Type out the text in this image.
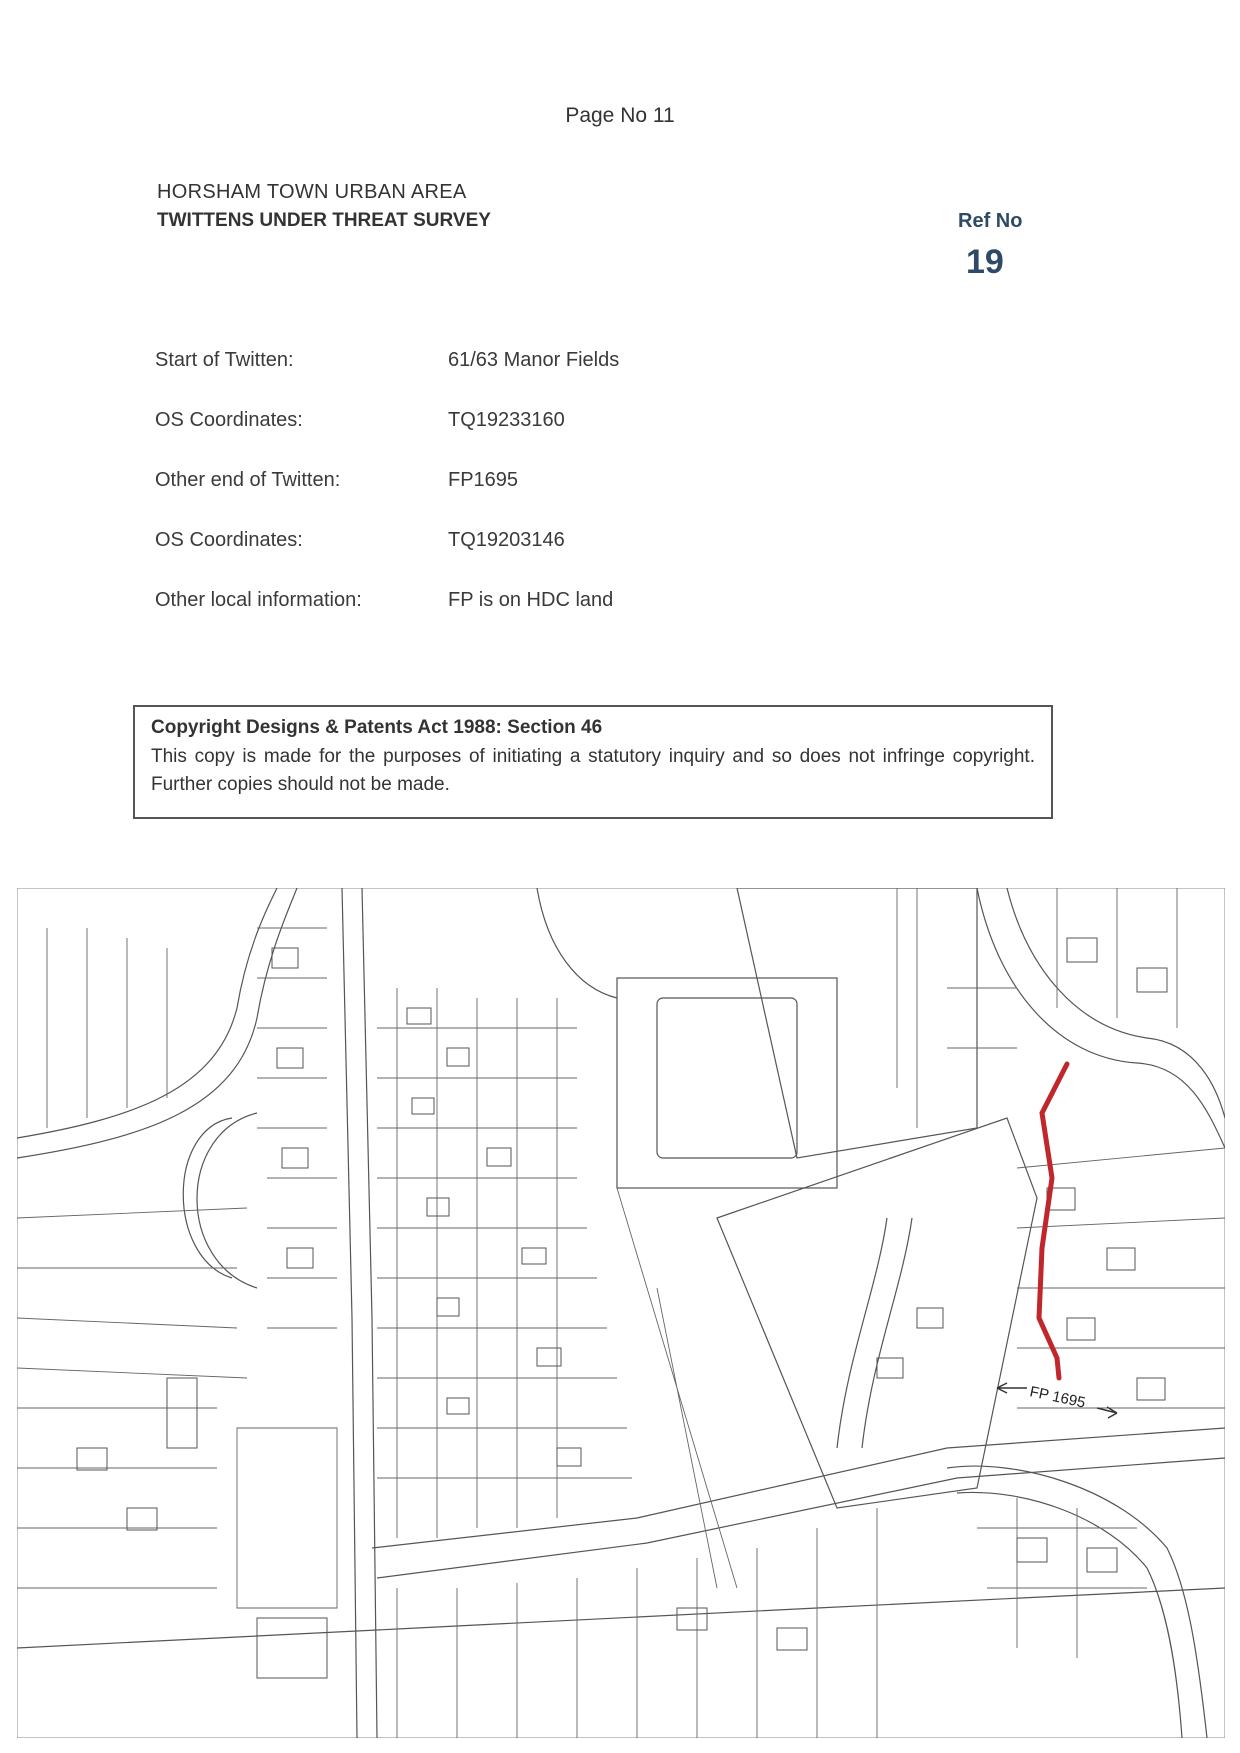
Page No 11
HORSHAM TOWN URBAN AREA
TWITTENS UNDER THREAT SURVEY	Ref No
19
Start of Twitten:	61/63 Manor Fields
OS Coordinates:	TQ19233160
Other end of Twitten:	FP1695
OS Coordinates:	TQ19203146
Other local information:	FP is on HDC land
Copyright Designs & Patents Act 1988: Section 46
This copy is made for the purposes of initiating a statutory inquiry and so does not infringe copyright. Further copies should not be made.
FP 1695
